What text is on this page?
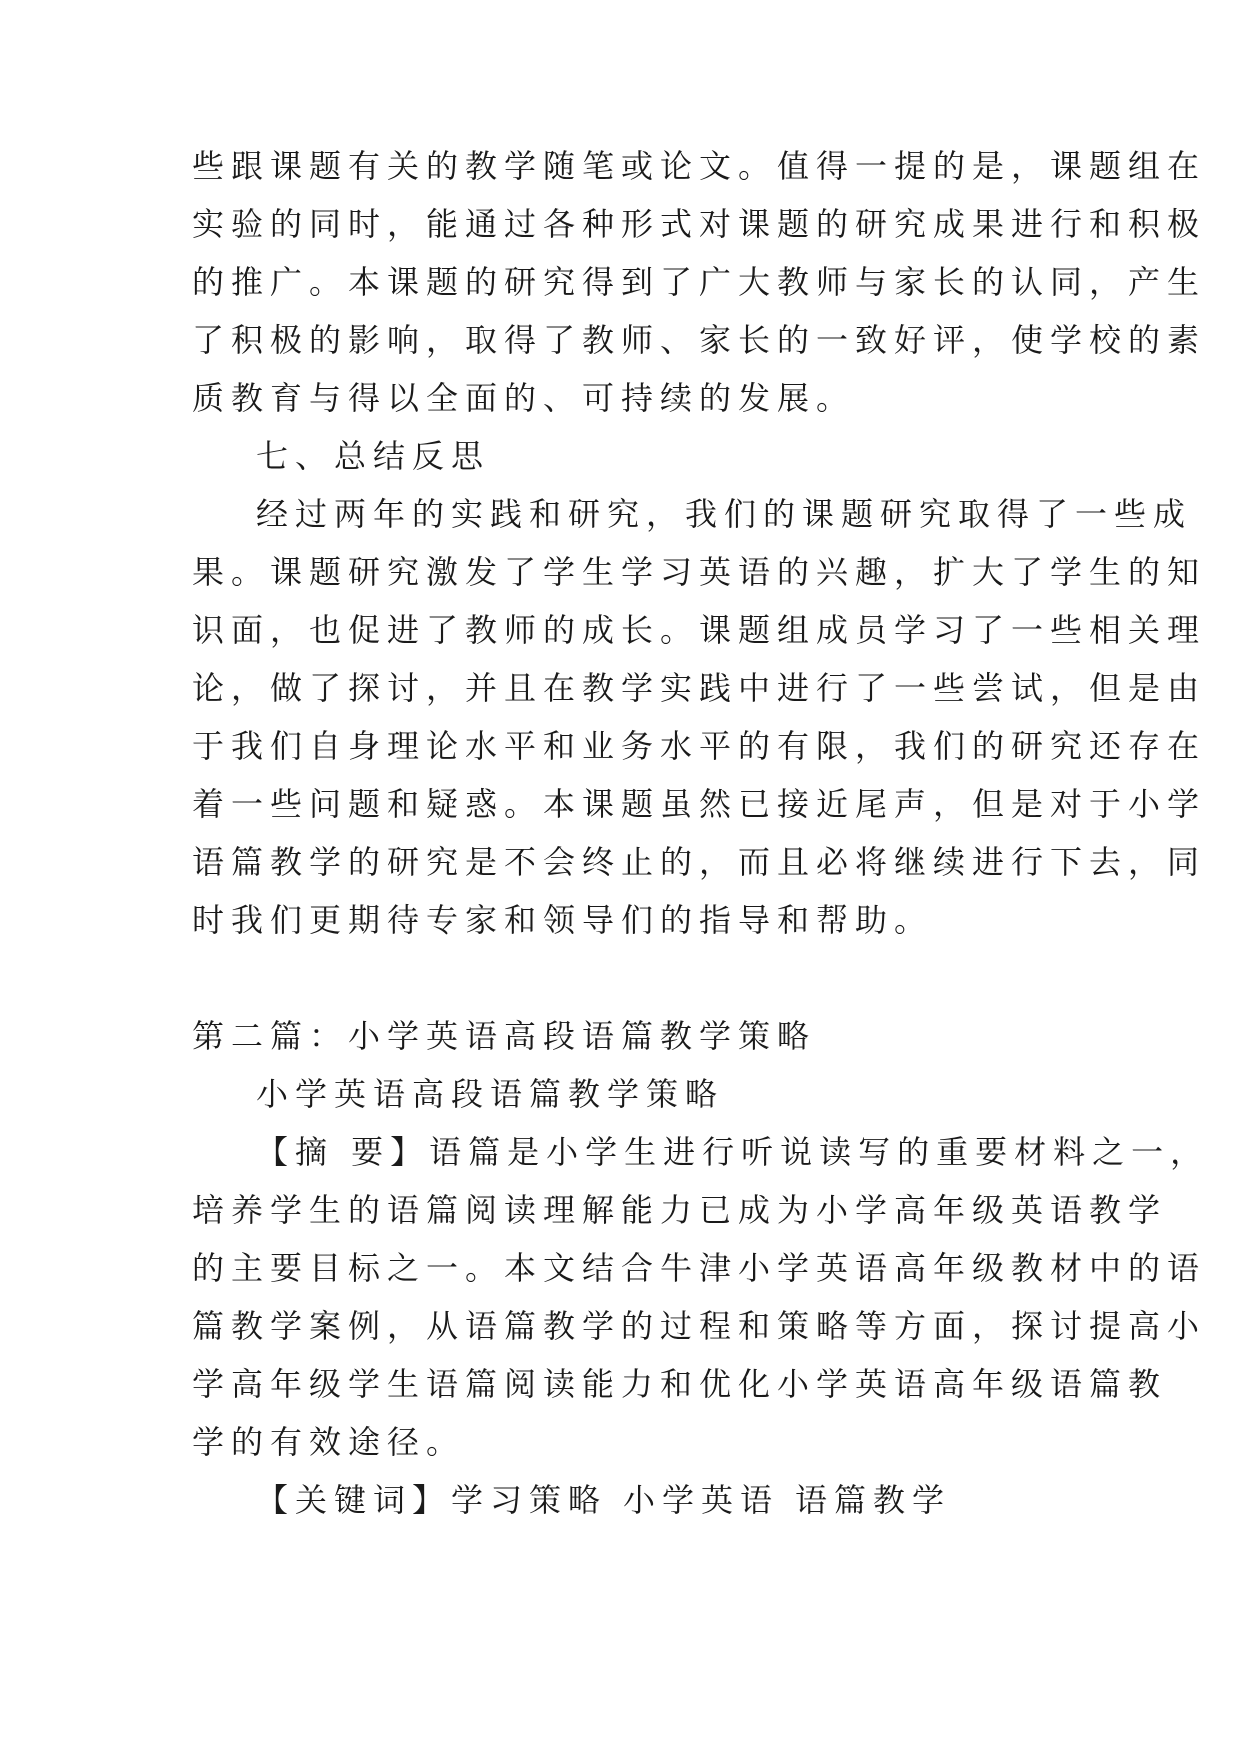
些跟课题有关的教学随笔或论文。值得一提的是，课题组在
实验的同时，能通过各种形式对课题的研究成果进行和积极
的推广。本课题的研究得到了广大教师与家长的认同，产生
了积极的影响，取得了教师、家长的一致好评，使学校的素
质教育与得以全面的、可持续的发展。
七、总结反思
经过两年的实践和研究，我们的课题研究取得了一些成
果。课题研究激发了学生学习英语的兴趣，扩大了学生的知
识面，也促进了教师的成长。课题组成员学习了一些相关理
论，做了探讨，并且在教学实践中进行了一些尝试，但是由
于我们自身理论水平和业务水平的有限，我们的研究还存在
着一些问题和疑惑。本课题虽然已接近尾声，但是对于小学
语篇教学的研究是不会终止的，而且必将继续进行下去，同
时我们更期待专家和领导们的指导和帮助。
第二篇：小学英语高段语篇教学策略
小学英语高段语篇教学策略
【摘 要】语篇是小学生进行听说读写的重要材料之一，
培养学生的语篇阅读理解能力已成为小学高年级英语教学
的主要目标之一。本文结合牛津小学英语高年级教材中的语
篇教学案例，从语篇教学的过程和策略等方面，探讨提高小
学高年级学生语篇阅读能力和优化小学英语高年级语篇教
学的有效途径。
【关键词】学习策略 小学英语 语篇教学
